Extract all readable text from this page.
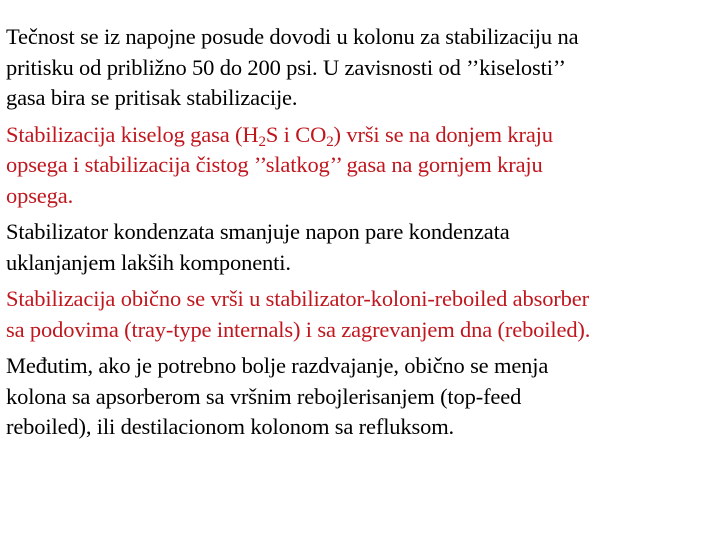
Tečnost se iz napojne posude dovodi u kolonu za stabilizaciju na
pritisku od približno 50 do 200 psi. U zavisnosti od ’’kiselosti’’
gasa bira se pritisak stabilizacije.

Stabilizacija kiselog gasa ($H_2S$ i $CO_2$) vrši se na donjem kraju
opsega i stabilizacija čistog ’’slatkog’’ gasa na gornjem kraju
opsega.

Stabilizator kondenzata smanjuje napon pare kondenzata
uklanjanjem lakših komponenti.

Stabilizacija obično se vrši u stabilizator-koloni-reboiled absorber
sa podovima (tray-type internals) i sa zagrevanjem dna (reboiled).

Međutim, ako je potrebno bolje razdvajanje, obično se menja
kolona sa apsorberom sa vršnim rebojlerisanjem (top-feed
reboiled), ili destilacionom kolonom sa refluksom.
